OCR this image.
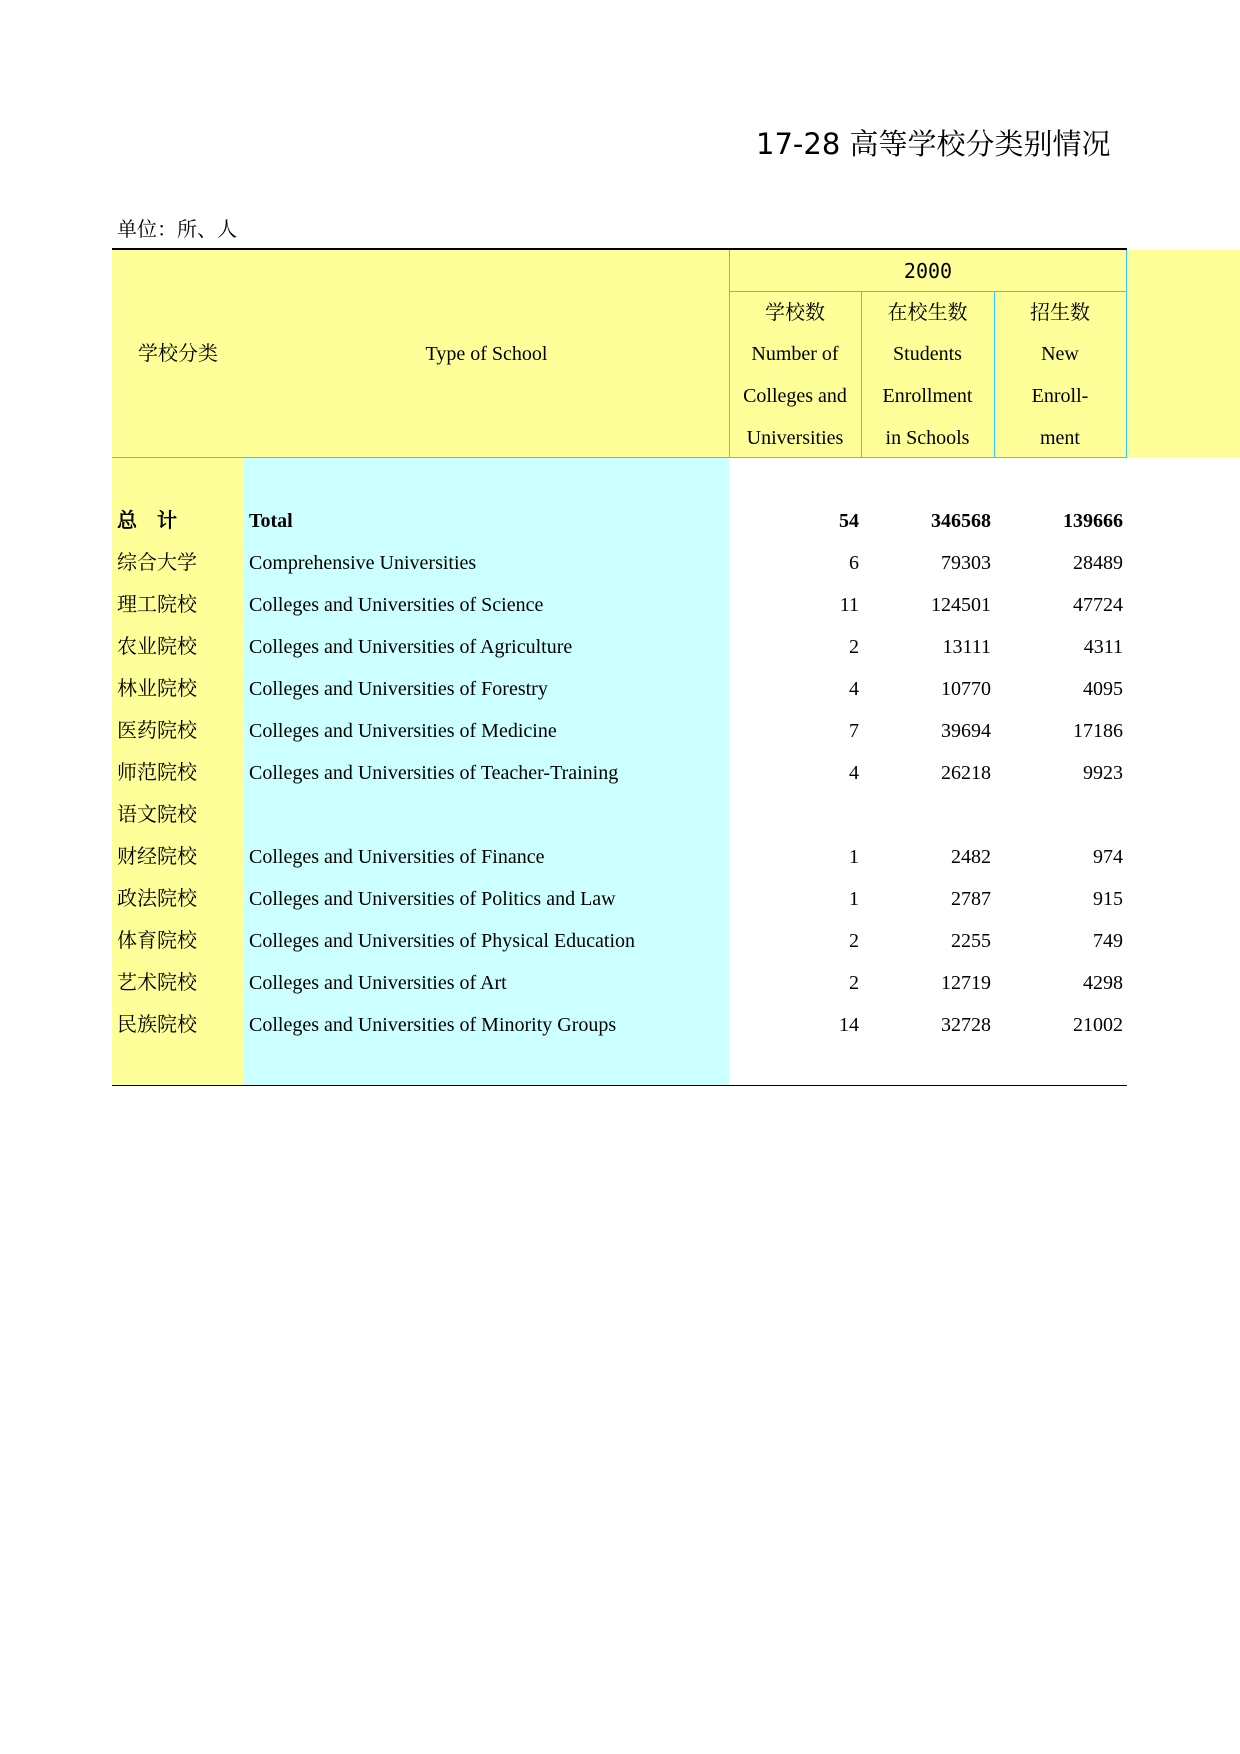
17-28 高等学校分类别情况
单位：所、人
学校分类	Type of School
2000
学校数
Number of
Colleges and
Universities
在校生数
Students
Enrollment
in Schools
招生数
New
Enroll-
ment
总　计	Total	54	346568	139666
综合大学	Comprehensive Universities	6	79303	28489
理工院校	Colleges and Universities of Science	11	124501	47724
农业院校	Colleges and Universities of Agriculture	2	13111	4311
林业院校	Colleges and Universities of Forestry	4	10770	4095
医药院校	Colleges and Universities of Medicine	7	39694	17186
师范院校	Colleges and Universities of Teacher-Training	4	26218	9923
语文院校
财经院校	Colleges and Universities of Finance	1	2482	974
政法院校	Colleges and Universities of Politics and Law	1	2787	915
体育院校	Colleges and Universities of Physical Education	2	2255	749
艺术院校	Colleges and Universities of Art	2	12719	4298
民族院校	Colleges and Universities of Minority Groups	14	32728	21002
